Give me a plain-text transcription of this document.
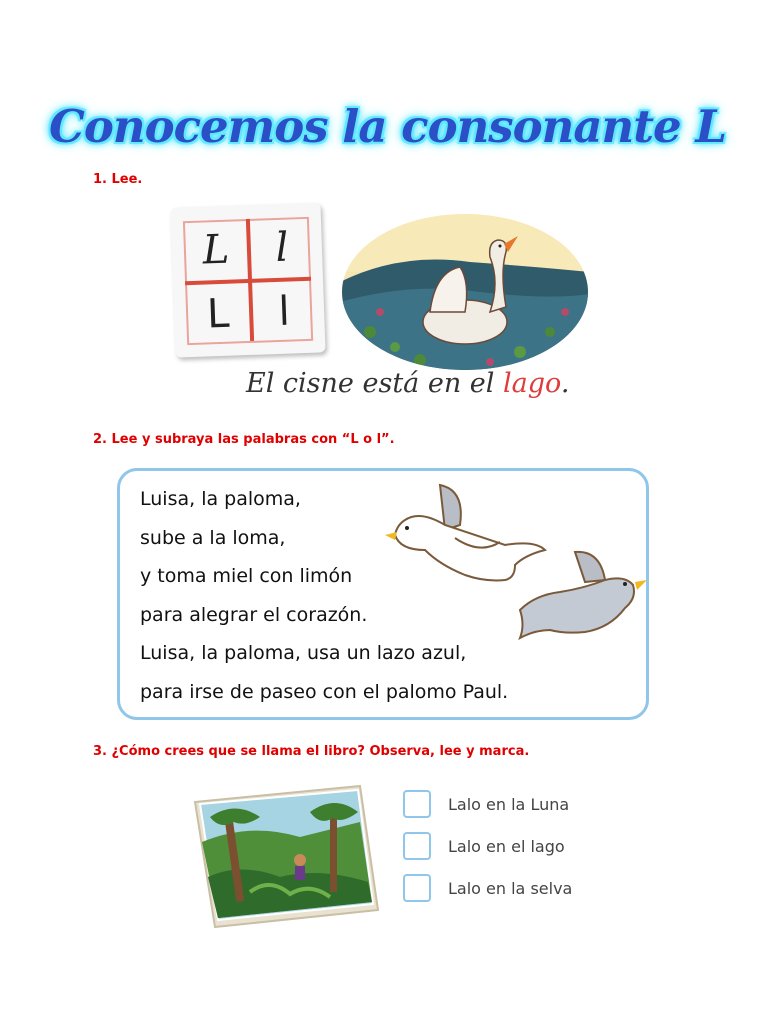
Conocemos la consonante L
1. Lee.
L	l
L	l
El cisne está en el lago.
2. Lee y subraya las palabras con “L o l”.
Luisa, la paloma,
sube a la loma,
y toma miel con limón
para alegrar el corazón.
Luisa, la paloma, usa un lazo azul,
para irse de paseo con el palomo Paul.
3. ¿Cómo crees que se llama el libro? Observa, lee y marca.
Lalo en la Luna
Lalo en el lago
Lalo en la selva
